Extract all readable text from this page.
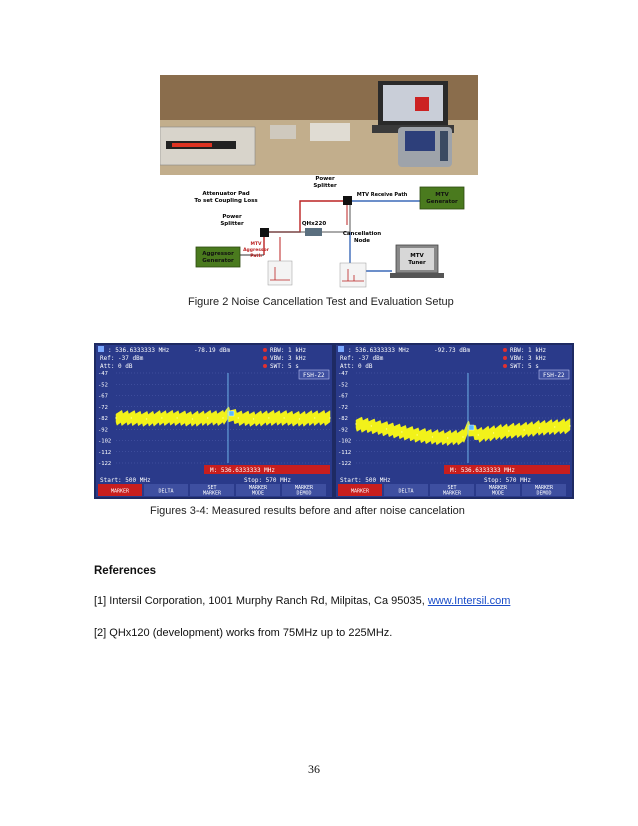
Attenuator Pad
To set Coupling Loss
Power
Splitter
Power
Splitter
MTV
Generator
MTV Receive Path
QHx220
Cancellation
Node
Aggressor
Generator
MTV
Aggressor
Path	MTV
Tuner
Figure 2 Noise Cancellation Test and Evaluation Setup
: 536.6333333 MHz	-78.19 dBm
Ref: -37 dBm
Att: 0 dB
RBW: 1 kHz
VBW: 3 kHz
SWT: 5 s
FSH-Z2
-47
-52
-67
-72
-82
-92
-102
-112
-122
M: 536.6333333 MHz
Start: 500 MHz	Stop: 570 MHz
MARKER	DELTA
SET
MARKER
MARKER
MODE
MARKER
DEMOD
: 536.6333333 MHz	-92.73 dBm
Ref: -37 dBm
Att: 0 dB
RBW: 1 kHz
VBW: 3 kHz
SWT: 5 s
FSH-Z2
-47
-52
-67
-72
-82
-92
-102
-112
-122
M: 536.6333333 MHz
Start: 500 MHz	Stop: 570 MHz
MARKER	DELTA
SET
MARKER
MARKER
MODE
MARKER
DEMOD
Figures 3-4: Measured results before and after noise cancelation
References
[1] Intersil Corporation, 1001 Murphy Ranch Rd, Milpitas, Ca 95035, www.Intersil.com
[2] QHx120 (development) works from 75MHz up to 225MHz.
36
